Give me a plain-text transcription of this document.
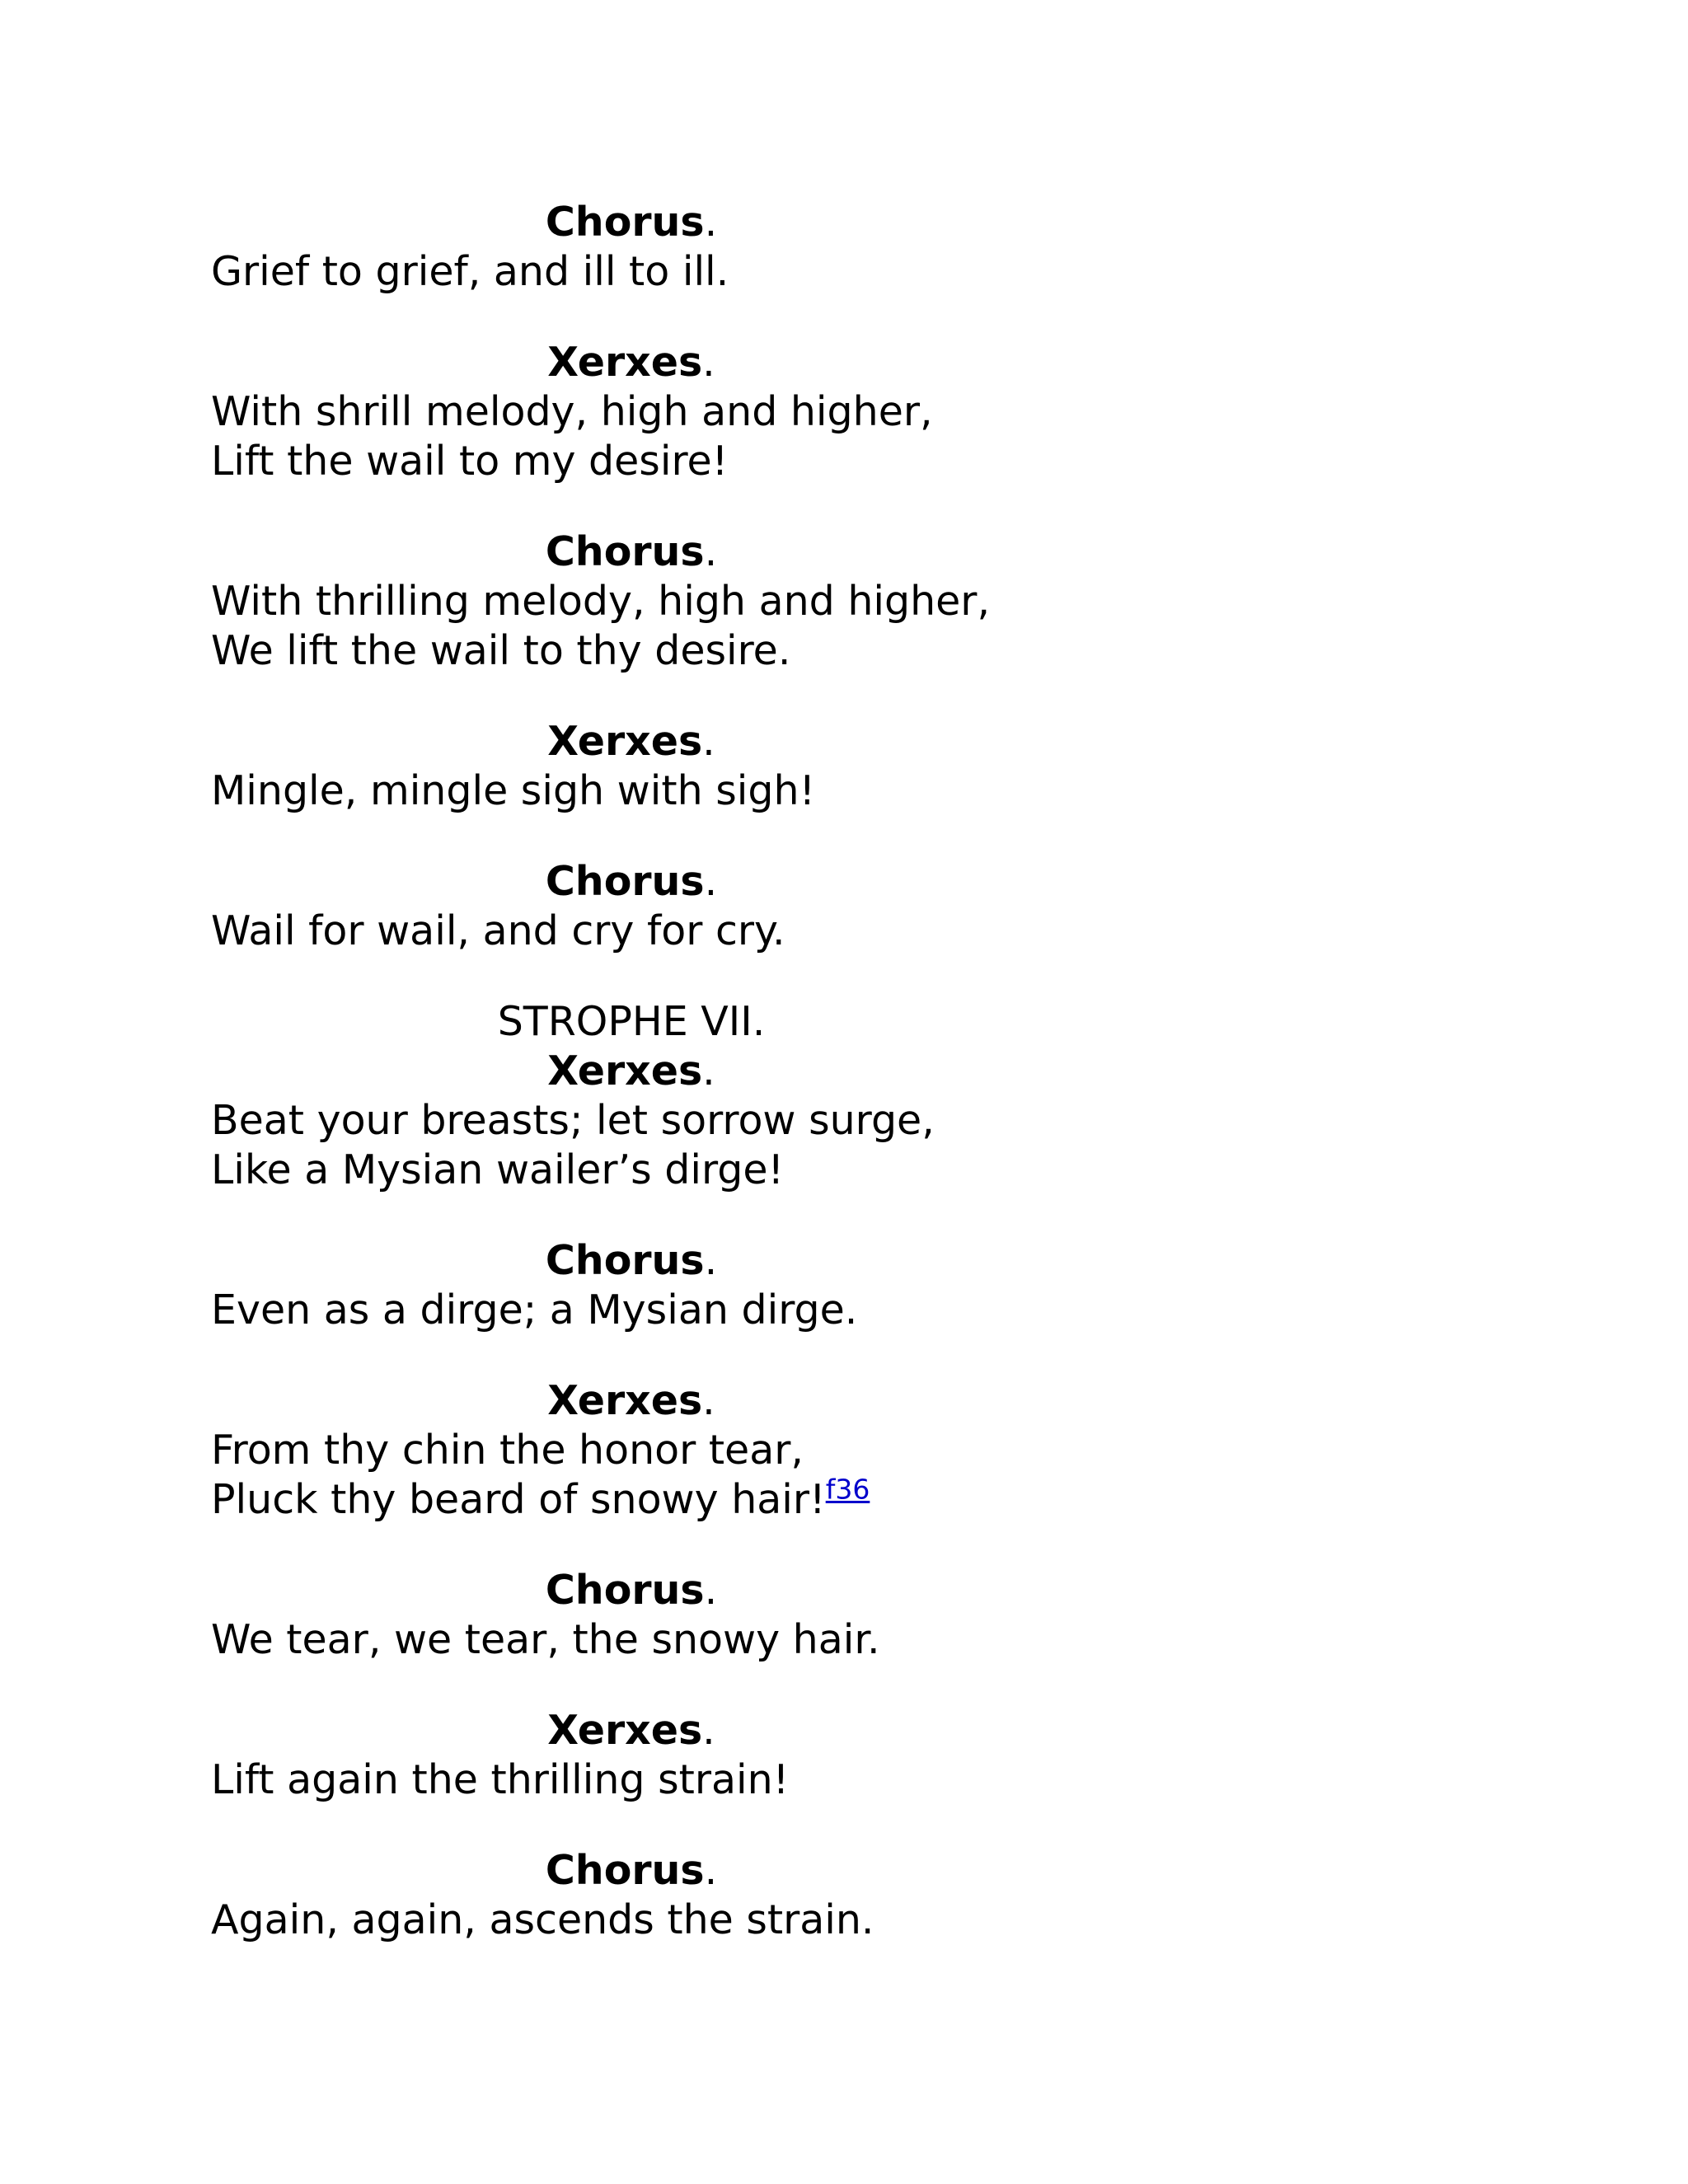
Chorus.
Grief to grief, and ill to ill.
Xerxes.
With shrill melody, high and higher,
Lift the wail to my desire!
Chorus.
With thrilling melody, high and higher,
We lift the wail to thy desire.
Xerxes.
Mingle, mingle sigh with sigh!
Chorus.
Wail for wail, and cry for cry.
STROPHE VII.
Xerxes.
Beat your breasts; let sorrow surge,
Like a Mysian wailer’s dirge!
Chorus.
Even as a dirge; a Mysian dirge.
Xerxes.
From thy chin the honor tear,
Pluck thy beard of snowy hair!$^{f36}$
Chorus.
We tear, we tear, the snowy hair.
Xerxes.
Lift again the thrilling strain!
Chorus.
Again, again, ascends the strain.
